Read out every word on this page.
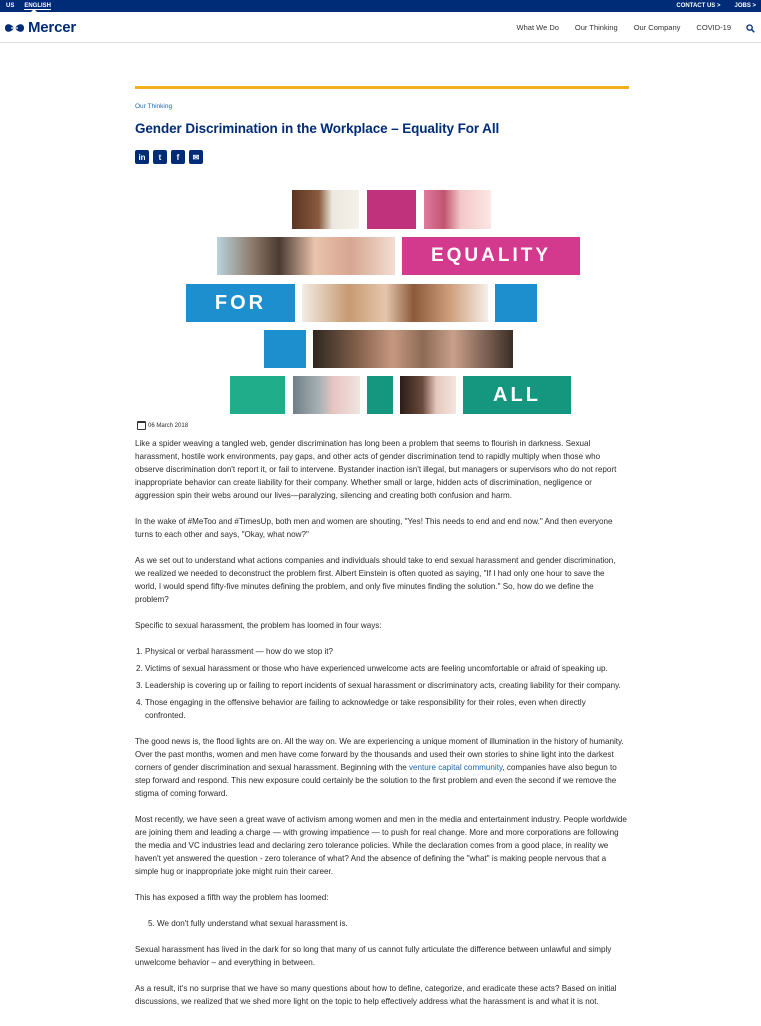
US ENGLISH	CONTACT US > JOBS >
Mercer	What We Do Our Thinking Our Company COVID-19
Our Thinking
Gender Discrimination in the Workplace – Equality For All
in	t	f	✉
EQUALITY
FOR
ALL
06 March 2018

Like a spider weaving a tangled web, gender discrimination has long been a problem that seems to flourish in darkness. Sexual harassment, hostile work environments, pay gaps, and other acts of gender discrimination tend to rapidly multiply when those who observe discrimination don't report it, or fail to intervene. Bystander inaction isn't illegal, but managers or supervisors who do not report inappropriate behavior can create liability for their company. Whether small or large, hidden acts of discrimination, negligence or aggression spin their webs around our lives—paralyzing, silencing and creating both confusion and harm.

In the wake of #MeToo and #TimesUp, both men and women are shouting, "Yes! This needs to end and end now." And then everyone turns to each other and says, "Okay, what now?"

As we set out to understand what actions companies and individuals should take to end sexual harassment and gender discrimination, we realized we needed to deconstruct the problem first. Albert Einstein is often quoted as saying, "If I had only one hour to save the world, I would spend fifty-five minutes defining the problem, and only five minutes finding the solution." So, how do we define the problem?

Specific to sexual harassment, the problem has loomed in four ways:

1. Physical or verbal harassment — how do we stop it?
2. Victims of sexual harassment or those who have experienced unwelcome acts are feeling uncomfortable or afraid of speaking up.
3. Leadership is covering up or failing to report incidents of sexual harassment or discriminatory acts, creating liability for their company.
4. Those engaging in the offensive behavior are failing to acknowledge or take responsibility for their roles, even when directly confronted.

The good news is, the flood lights are on. All the way on. We are experiencing a unique moment of illumination in the history of humanity. Over the past months, women and men have come forward by the thousands and used their own stories to shine light into the darkest corners of gender discrimination and sexual harassment. Beginning with the venture capital community, companies have also begun to step forward and respond. This new exposure could certainly be the solution to the first problem and even the second if we remove the stigma of coming forward.

Most recently, we have seen a great wave of activism among women and men in the media and entertainment industry. People worldwide are joining them and leading a charge — with growing impatience — to push for real change. More and more corporations are following the media and VC industries lead and declaring zero tolerance policies. While the declaration comes from a good place, in reality we haven't yet answered the question - zero tolerance of what? And the absence of defining the "what" is making people nervous that a simple hug or inappropriate joke might ruin their career.

This has exposed a fifth way the problem has loomed:

5. We don't fully understand what sexual harassment is.

Sexual harassment has lived in the dark for so long that many of us cannot fully articulate the difference between unlawful and simply unwelcome behavior – and everything in between.

As a result, it's no surprise that we have so many questions about how to define, categorize, and eradicate these acts? Based on initial discussions, we realized that we shed more light on the topic to help effectively address what the harassment is and what it is not.
